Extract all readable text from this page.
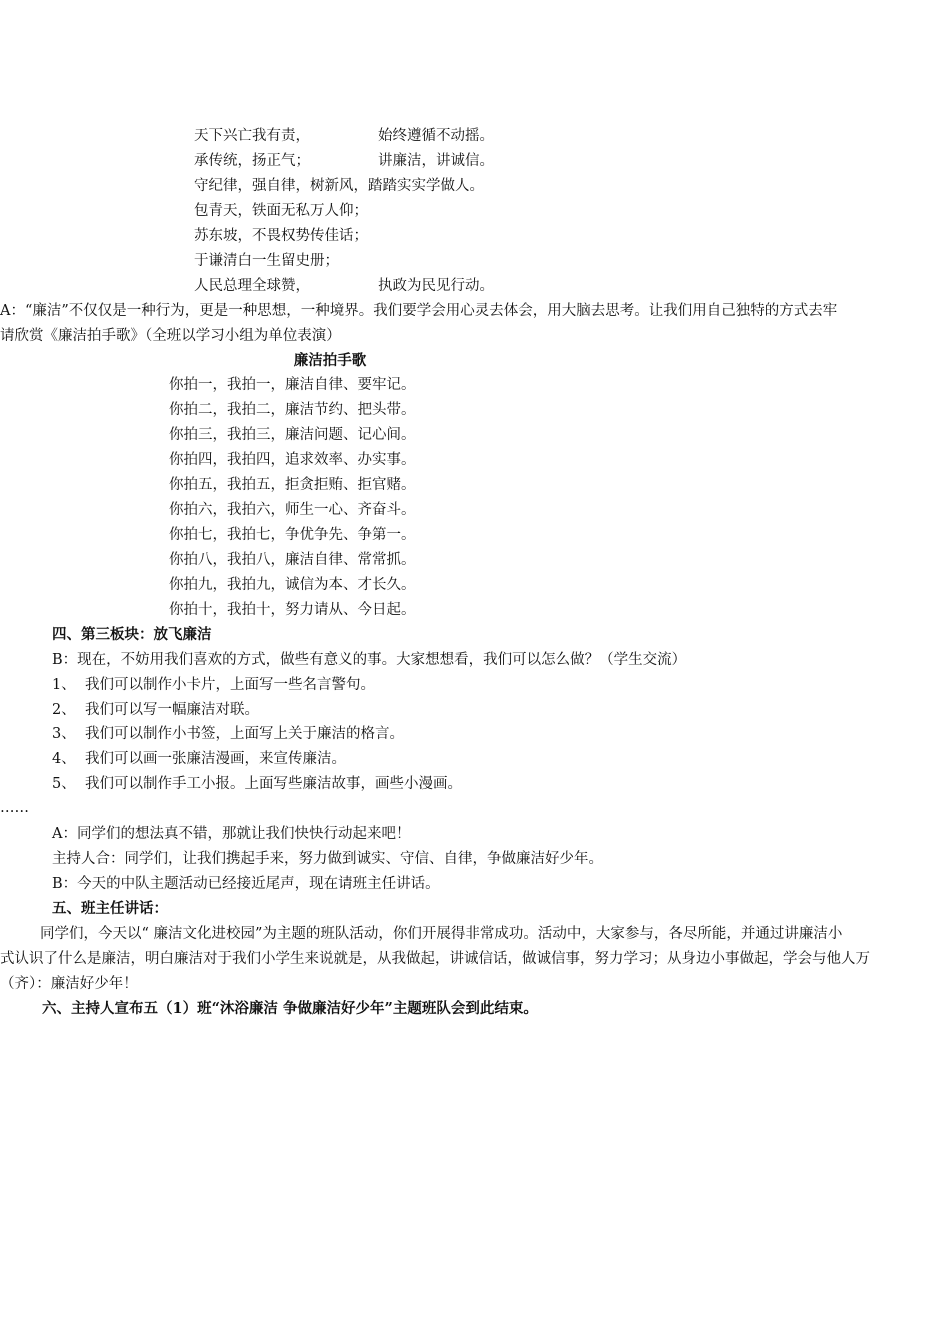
天下兴亡我有责，	始终遵循不动摇。
承传统，扬正气；	讲廉洁，讲诚信。
守纪律，强自律，树新风，踏踏实实学做人。
包青天，铁面无私万人仰；
苏东坡，不畏权势传佳话；
于谦清白一生留史册；
人民总理全球赞，	执政为民见行动。
A：“廉洁”不仅仅是一种行为，更是一种思想，一种境界。我们要学会用心灵去体会，用大脑去思考。让我们用自己独特的方式去牢
请欣赏《廉洁拍手歌》（全班以学习小组为单位表演）
廉洁拍手歌
你拍一，我拍一，廉洁自律、要牢记。
你拍二，我拍二，廉洁节约、把头带。
你拍三，我拍三，廉洁问题、记心间。
你拍四，我拍四，追求效率、办实事。
你拍五，我拍五，拒贪拒贿、拒官赌。
你拍六，我拍六，师生一心、齐奋斗。
你拍七，我拍七，争优争先、争第一。
你拍八，我拍八，廉洁自律、常常抓。
你拍九，我拍九，诚信为本、才长久。
你拍十，我拍十，努力请从、今日起。
四、第三板块：放飞廉洁
B：现在，不妨用我们喜欢的方式，做些有意义的事。大家想想看，我们可以怎么做？（学生交流）
1、 我们可以制作小卡片，上面写一些名言警句。
2、 我们可以写一幅廉洁对联。
3、 我们可以制作小书签，上面写上关于廉洁的格言。
4、 我们可以画一张廉洁漫画，来宣传廉洁。
5、 我们可以制作手工小报。上面写些廉洁故事，画些小漫画。
……
A：同学们的想法真不错，那就让我们快快行动起来吧！
主持人合：同学们，让我们携起手来，努力做到诚实、守信、自律，争做廉洁好少年。
B：今天的中队主题活动已经接近尾声，现在请班主任讲话。
五、班主任讲话：
同学们，今天以“ 廉洁文化进校园”为主题的班队活动，你们开展得非常成功。活动中，大家参与，各尽所能，并通过讲廉洁小
式认识了什么是廉洁，明白廉洁对于我们小学生来说就是，从我做起，讲诚信话，做诚信事，努力学习；从身边小事做起，学会与他人万
（齐）：廉洁好少年！
六、主持人宣布五（1）班“沐浴廉洁 争做廉洁好少年”主题班队会到此结束。
